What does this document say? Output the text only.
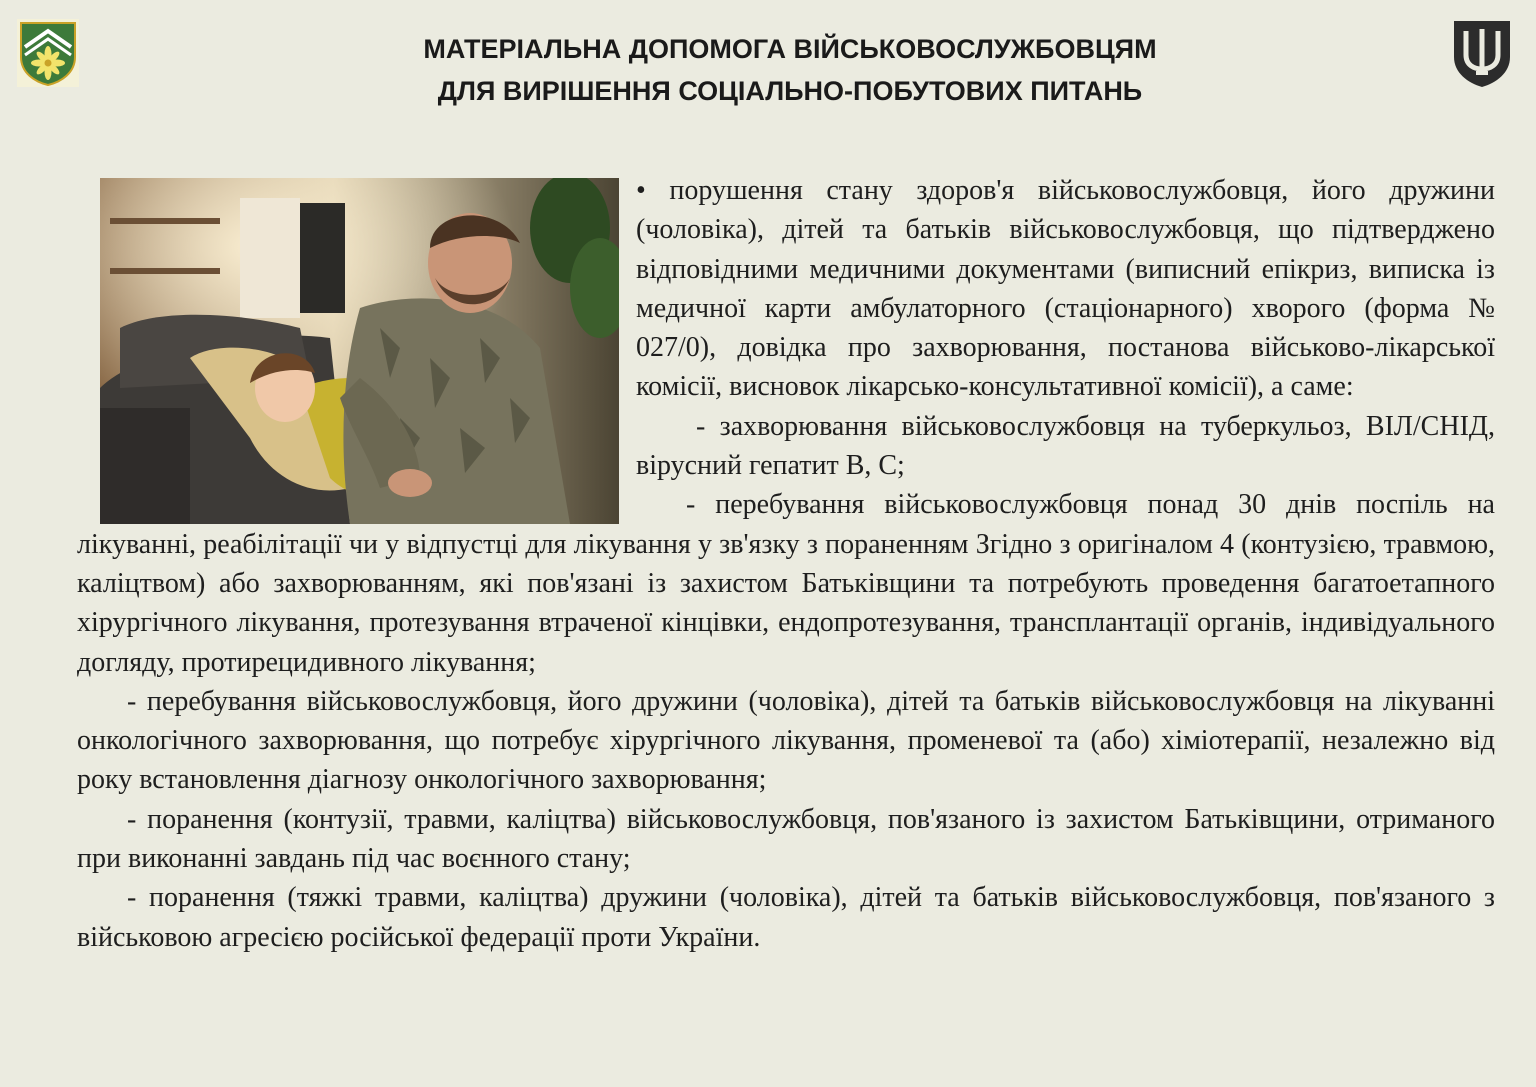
МАТЕРІАЛЬНА ДОПОМОГА ВІЙСЬКОВОСЛУЖБОВЦЯМ
ДЛЯ ВИРІШЕННЯ СОЦІАЛЬНО-ПОБУТОВИХ ПИТАНЬ

• порушення стану здоров'я військовослужбовця, його дружини (чоловіка), дітей та батьків військовослужбовця, що підтверджено відповідними медичними документами (виписний епікриз, виписка із медичної карти амбулаторного (стаціонарного) хворого (форма № 027/0), довідка про захворювання, постанова військово-лікарської комісії, висновок лікарсько-консультативної комісії), а саме:

- захворювання військовослужбовця на туберкульоз, ВІЛ/СНІД, вірусний гепатит В, С;

- перебування військовослужбовця понад 30 днів поспіль на лікуванні, реабілітації чи у відпустці для лікування у зв'язку з пораненням Згідно з оригіналом 4 (контузією, травмою, каліцтвом) або захворюванням, які пов'язані із захистом Батьківщини та потребують проведення багатоетапного хірургічного лікування, протезування втраченої кінцівки, ендопротезування, трансплантації органів, індивідуального догляду, протирецидивного лікування;

- перебування військовослужбовця, його дружини (чоловіка), дітей та батьків військовослужбовця на лікуванні онкологічного захворювання, що потребує хірургічного лікування, променевої та (або) хіміотерапії, незалежно від року встановлення діагнозу онкологічного захворювання;

- поранення (контузії, травми, каліцтва) військовослужбовця, пов'язаного із захистом Батьківщини, отриманого при виконанні завдань під час воєнного стану;

- поранення (тяжкі травми, каліцтва) дружини (чоловіка), дітей та батьків військовослужбовця, пов'язаного з військовою агресією російської федерації проти України.
